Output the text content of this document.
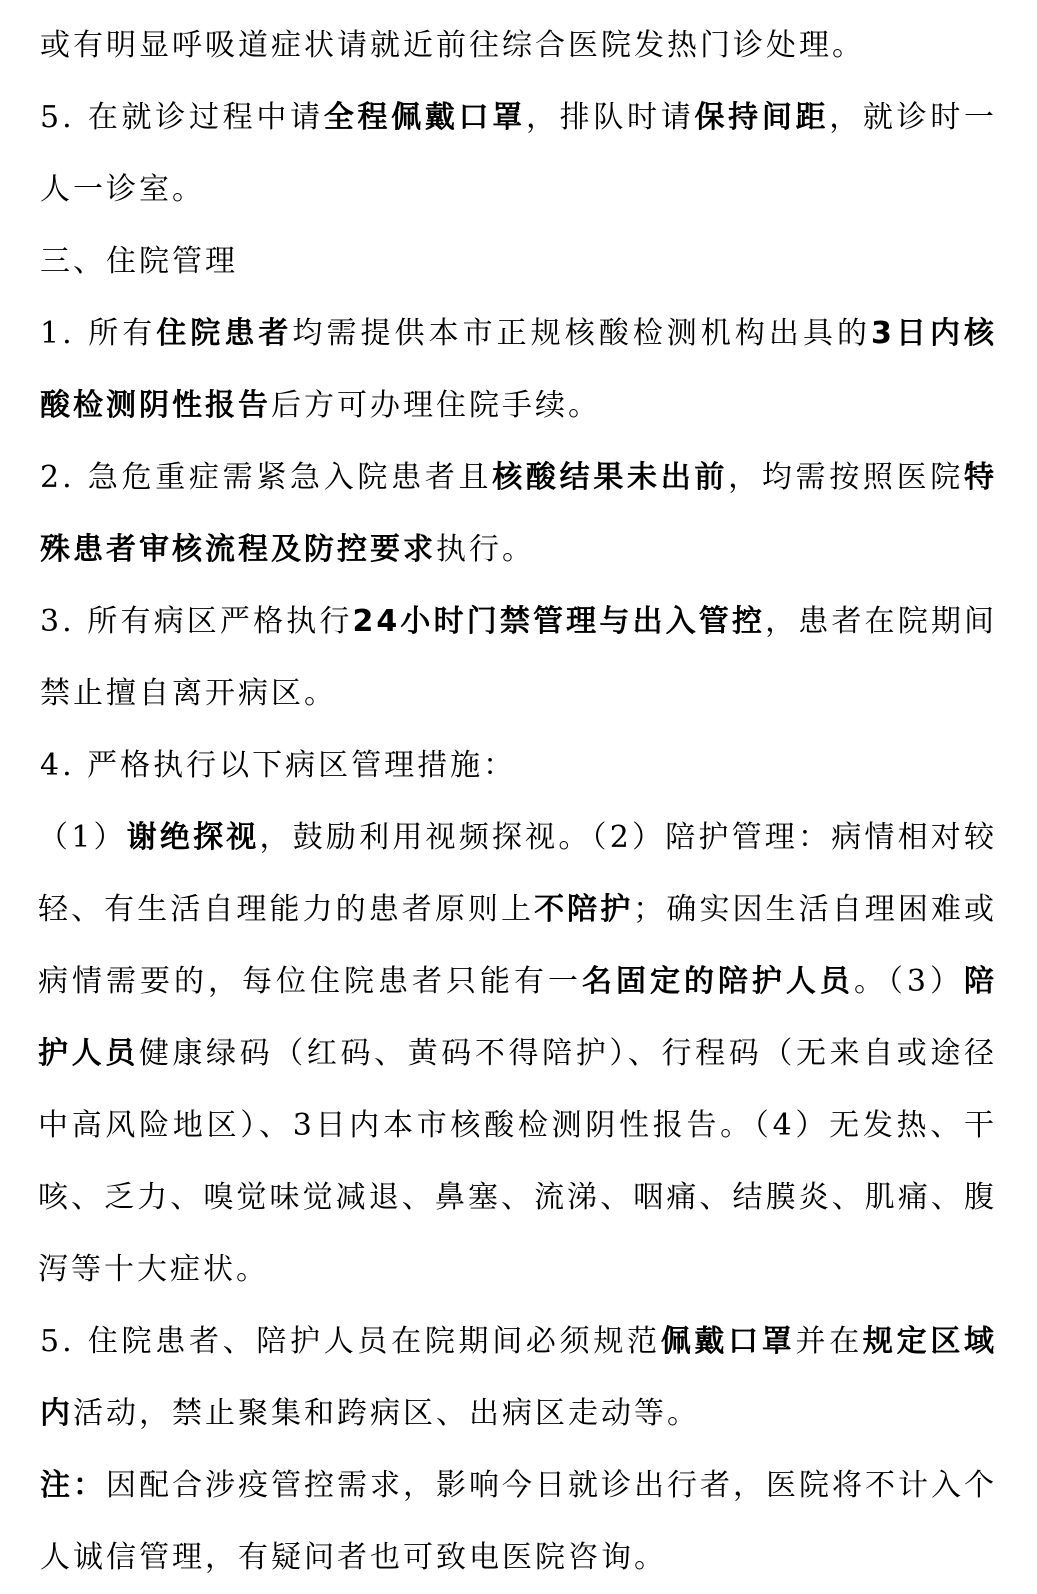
或有明显呼吸道症状请就近前往综合医院发热门诊处理。

5. 在就诊过程中请全程佩戴口罩，排队时请保持间距，就诊时一人一诊室。

三、住院管理

1. 所有住院患者均需提供本市正规核酸检测机构出具的3日内核酸检测阴性报告后方可办理住院手续。

2. 急危重症需紧急入院患者且核酸结果未出前，均需按照医院特殊患者审核流程及防控要求执行。

3. 所有病区严格执行24小时门禁管理与出入管控，患者在院期间禁止擅自离开病区。

4. 严格执行以下病区管理措施：

（1）谢绝探视，鼓励利用视频探视。（2）陪护管理：病情相对较轻、有生活自理能力的患者原则上不陪护；确实因生活自理困难或病情需要的，每位住院患者只能有一名固定的陪护人员。（3）陪护人员健康绿码（红码、黄码不得陪护）、行程码（无来自或途径中高风险地区）、3日内本市核酸检测阴性报告。（4）无发热、干咳、乏力、嗅觉味觉减退、鼻塞、流涕、咽痛、结膜炎、肌痛、腹泻等十大症状。

5. 住院患者、陪护人员在院期间必须规范佩戴口罩并在规定区域内活动，禁止聚集和跨病区、出病区走动等。

注：因配合涉疫管控需求，影响今日就诊出行者，医院将不计入个人诚信管理，有疑问者也可致电医院咨询。
